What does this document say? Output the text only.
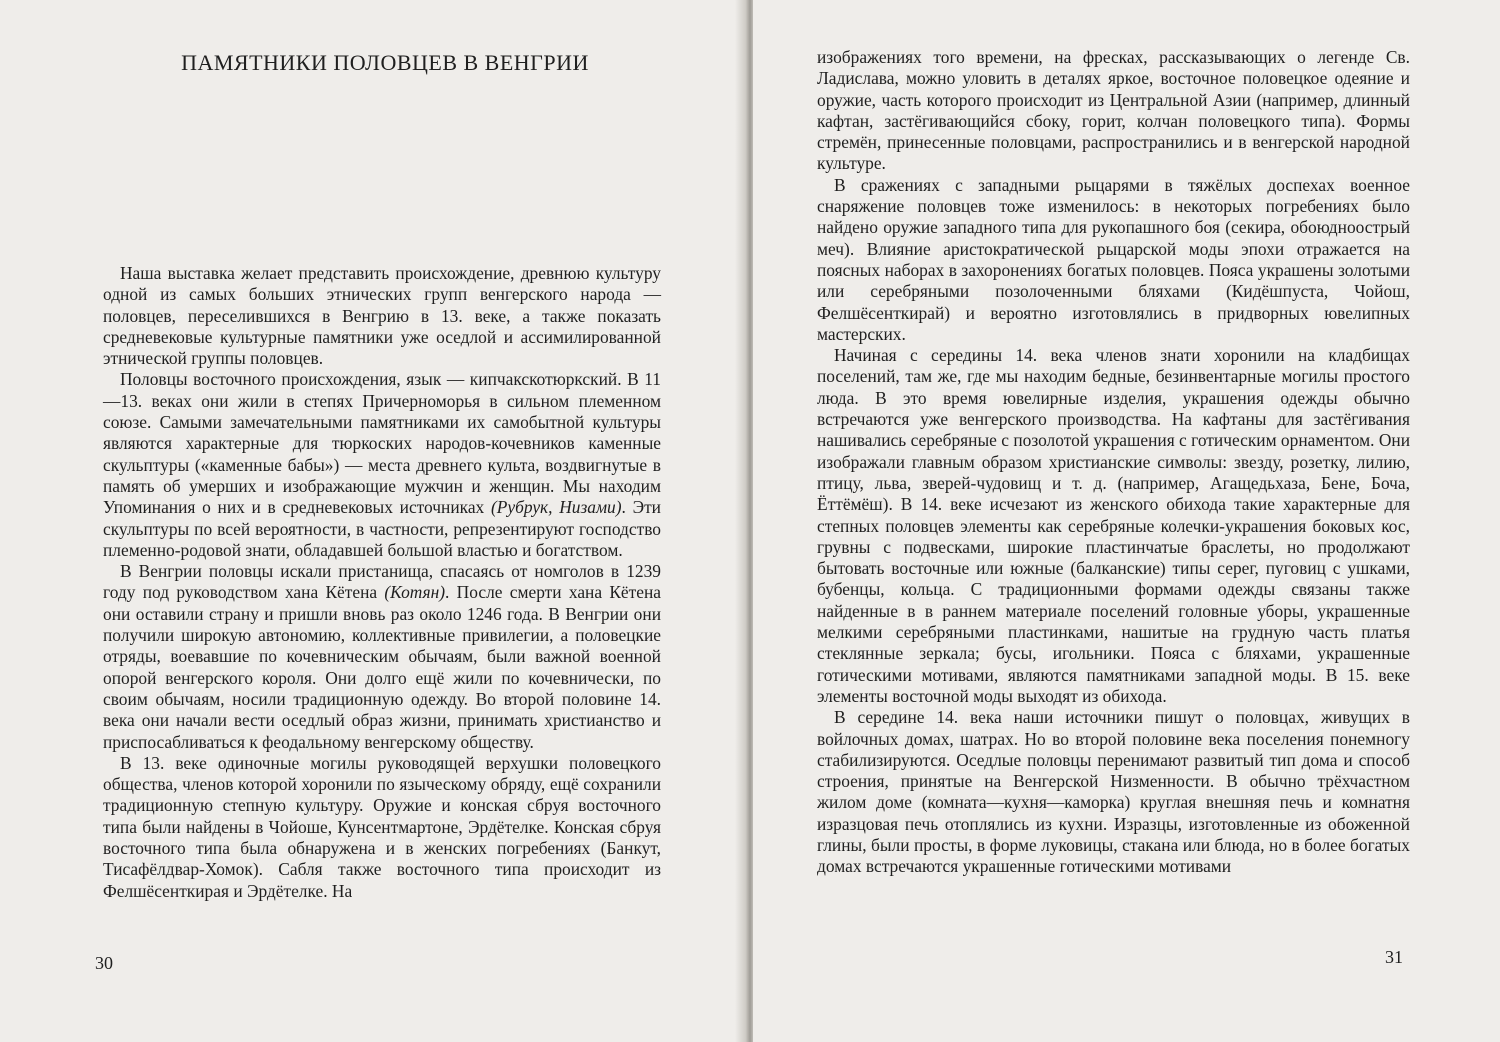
ПАМЯТНИКИ ПОЛОВЦЕВ В ВЕНГРИИ

Наша выставка желает представить происхождение, древнюю культуру одной из самых больших этнических групп венгерского народа — половцев, переселившихся в Венгрию в 13. веке, а также показать средневековые культурные памятники уже оседлой и ассимилированной этнической группы половцев.

Половцы восточного происхождения, язык — кипчакскотюркский. В 11—13. веках они жили в степях Причерноморья в сильном племенном союзе. Самыми замечательными памятниками их самобытной культуры являются характерные для тюркоских народов-кочевников каменные скульптуры («каменные бабы») — места древнего культа, воздвигнутые в память об умерших и изображающие мужчин и женщин. Мы находим Упоминания о них и в средневековых источниках (Рубрук, Низами). Эти скульптуры по всей вероятности, в частности, репрезентируют господство племенно-родовой знати, обладавшей большой властью и богатством.

В Венгрии половцы искали пристанища, спасаясь от номголов в 1239 году под руководством хана Кётена (Котян). После смерти хана Кётена они оставили страну и пришли вновь раз около 1246 года. В Венгрии они получили широкую автономию, коллективные привилегии, а половецкие отряды, воевавшие по кочевническим обычаям, были важной военной опорой венгерского короля. Они долго ещё жили по кочевнически, по своим обычаям, носили традиционную одежду. Во второй половине 14. века они начали вести оседлый образ жизни, принимать христианство и приспосабливаться к феодальному венгерскому обществу.

В 13. веке одиночные могилы руководящей верхушки половецкого общества, членов которой хоронили по языческому обряду, ещё сохранили традиционную степную культуру. Оружие и конская сбруя восточного типа были найдены в Чойоше, Кунсентмартоне, Эрдётелке. Конская сбруя восточного типа была обнаружена и в женских погребениях (Банкут, Тисафёлдвар-Хомок). Сабля также восточного типа происходит из Фелшёсенткирая и Эрдётелке. На

30

изображениях того времени, на фресках, рассказывающих о легенде Св. Ладислава, можно уловить в деталях яркое, восточное половецкое одеяние и оружие, часть которого происходит из Центральной Азии (например, длинный кафтан, застёгивающийся сбоку, горит, колчан половецкого типа). Формы стремён, принесенные половцами, распространились и в венгерской народной культуре.

В сражениях с западными рыцарями в тяжёлых доспехах военное снаряжение половцев тоже изменилось: в некоторых погребениях было найдено оружие западного типа для рукопашного боя (секира, обоюдноострый меч). Влияние аристократической рыцарской моды эпохи отражается на поясных наборах в захоронениях богатых половцев. Пояса украшены золотыми или серебряными позолоченными бляхами (Кидёшпуста, Чойош, Фелшёсенткирай) и вероятно изготовлялись в придворных ювелипных мастерских.

Начиная с середины 14. века членов знати хоронили на кладбищах поселений, там же, где мы находим бедные, безинвентарные могилы простого люда. В это время ювелирные изделия, украшения одежды обычно встречаются уже венгерского производства. На кафтаны для застёгивания нашивались серебряные с позолотой украшения с готическим орнаментом. Они изображали главным образом христианские символы: звезду, розетку, лилию, птицу, льва, зверей-чудовищ и т. д. (например, Агащедьхаза, Бене, Боча, Ёттёмёш). В 14. веке исчезают из женского обихода такие характерные для степных половцев элементы как серебряные колечки-украшения боковых кос, грувны с подвесками, широкие пластинчатые браслеты, но продолжают бытовать восточные или южные (балканские) типы серег, пуговиц с ушками, бубенцы, кольца. С традиционными формами одежды связаны также найденные в в раннем материале поселений головные уборы, украшенные мелкими серебряными пластинками, нашитые на грудную часть платья стеклянные зеркала; бусы, игольники. Пояса с бляхами, украшенные готическими мотивами, являются памятниками западной моды. В 15. веке элементы восточной моды выходят из обихода.

В середине 14. века наши источники пишут о половцах, живущих в войлочных домах, шатрах. Но во второй половине века поселения понемногу стабилизируются. Оседлые половцы перенимают развитый тип дома и способ строения, принятые на Венгерской Низменности. В обычно трёхчастном жилом доме (комната—кухня—каморка) круглая внешняя печь и комнатня изразцовая печь отоплялись из кухни. Изразцы, изготовленные из обоженной глины, были просты, в форме луковицы, стакана или блюда, но в более богатых домах встречаются украшенные готическими мотивами

31
